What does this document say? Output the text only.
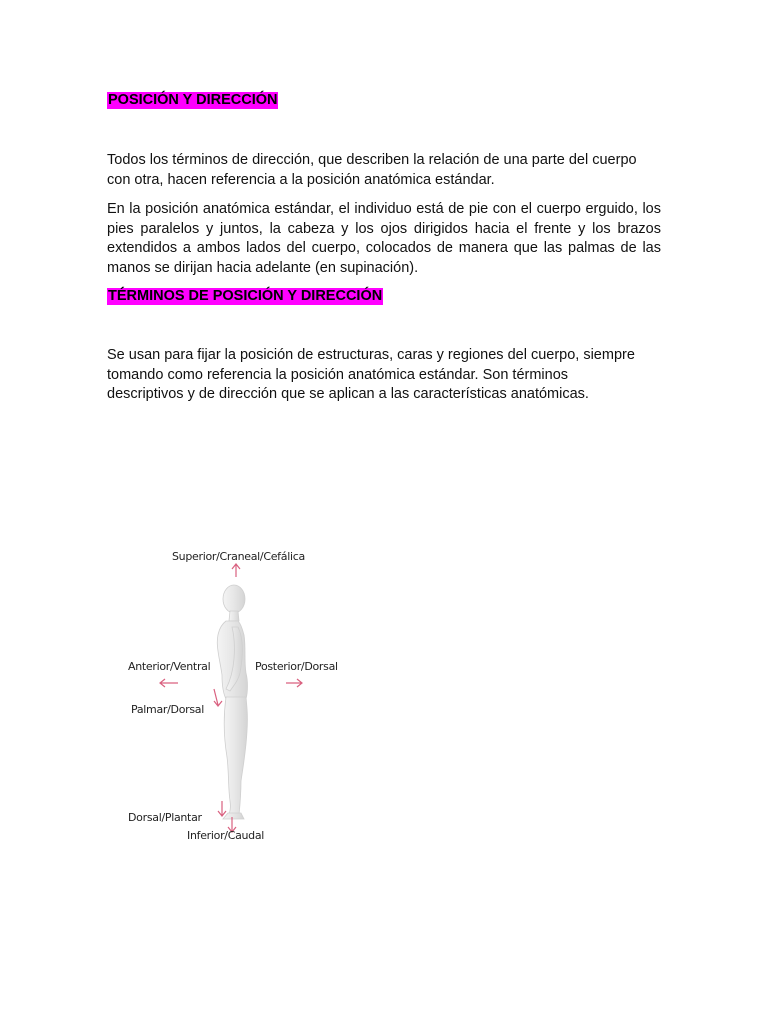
POSICIÓN Y DIRECCIÓN

Todos los términos de dirección, que describen la relación de una parte del cuerpo con otra, hacen referencia a la posición anatómica estándar.

En la posición anatómica estándar, el individuo está de pie con el cuerpo erguido, los pies paralelos y juntos, la cabeza y los ojos dirigidos hacia el frente y los brazos extendidos a ambos lados del cuerpo, colocados de manera que las palmas de las manos se dirijan hacia adelante (en supinación).

TÉRMINOS DE POSICIÓN Y DIRECCIÓN
Se usan para fijar la posición de estructuras, caras y regiones del cuerpo, siempre
tomando como referencia la posición anatómica estándar. Son términos
descriptivos y de dirección que se aplican a las características anatómicas.
Superior/Craneal/Cefálica
Anterior/Ventral	Posterior/Dorsal
Palmar/Dorsal
Dorsal/Plantar
Inferior/Caudal
